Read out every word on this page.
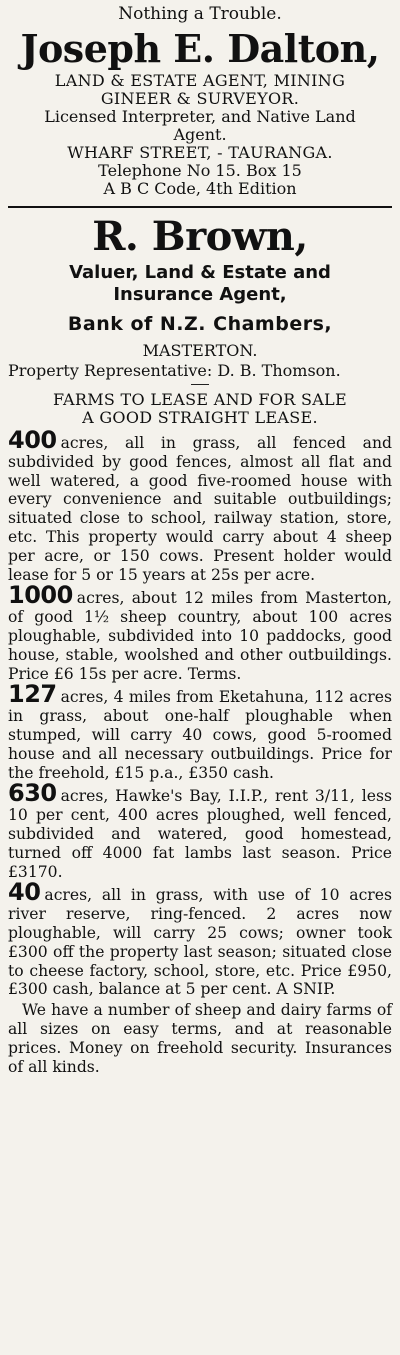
Nothing a Trouble.
Joseph E. Dalton,
LAND & ESTATE AGENT, MINING
GINEER & SURVEYOR.
Licensed Interpreter, and Native Land
Agent.
WHARF STREET, - TAURANGA.
Telephone No 15. Box 15
A B C Code, 4th Edition
R. Brown,
Valuer, Land & Estate and
Insurance Agent,
Bank of N.Z. Chambers,
MASTERTON.
Property Representative: D. B. Thomson.
FARMS TO LEASE AND FOR SALE
A GOOD STRAIGHT LEASE.
400 acres, all in grass, all fenced and subdivided by good fences, almost all flat and well watered, a good five-roomed house with every convenience and suitable outbuildings; situated close to school, railway station, store, etc. This property would carry about 4 sheep per acre, or 150 cows. Present holder would lease for 5 or 15 years at 25s per acre.
1000 acres, about 12 miles from Masterton, of good 1½ sheep country, about 100 acres ploughable, subdivided into 10 paddocks, good house, stable, woolshed and other outbuildings. Price £6 15s per acre. Terms.
127 acres, 4 miles from Eketahuna, 112 acres in grass, about one-half ploughable when stumped, will carry 40 cows, good 5-roomed house and all necessary outbuildings. Price for the freehold, £15 p.a., £350 cash.
630 acres, Hawke's Bay, I.I.P., rent 3/11, less 10 per cent, 400 acres ploughed, well fenced, subdivided and watered, good homestead, turned off 4000 fat lambs last season. Price £3170.
40 acres, all in grass, with use of 10 acres river reserve, ring-fenced. 2 acres now ploughable, will carry 25 cows; owner took £300 off the property last season; situated close to cheese factory, school, store, etc. Price £950, £300 cash, balance at 5 per cent. A SNIP.
We have a number of sheep and dairy farms of all sizes on easy terms, and at reasonable prices. Money on freehold security. Insurances of all kinds.
